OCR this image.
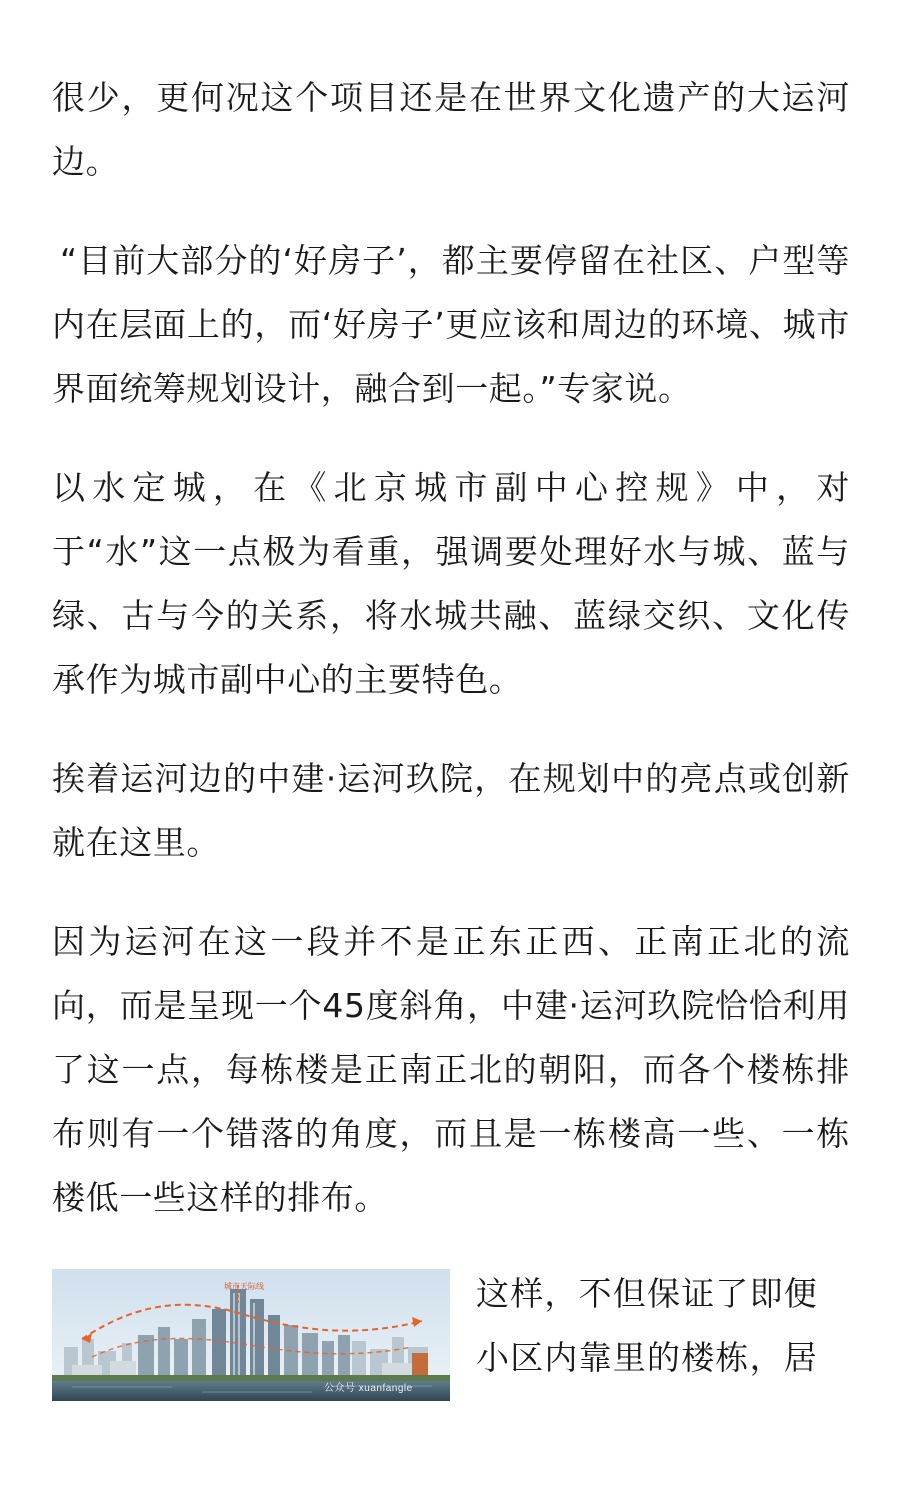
很少，更何况这个项目还是在世界文化遗产的大运河边。

“目前大部分的‘好房子’，都主要停留在社区、户型等内在层面上的，而‘好房子’更应该和周边的环境、城市界面统筹规划设计，融合到一起。”专家说。

以水定城，在《北京城市副中心控规》中，对于“水”这一点极为看重，强调要处理好水与城、蓝与绿、古与今的关系，将水城共融、蓝绿交织、文化传承作为城市副中心的主要特色。

挨着运河边的中建·运河玖院，在规划中的亮点或创新就在这里。

因为运河在这一段并不是正东正西、正南正北的流向，而是呈现一个45度斜角，中建·运河玖院恰恰利用了这一点，每栋楼是正南正北的朝阳，而各个楼栋排布则有一个错落的角度，而且是一栋楼高一些、一栋楼低一些这样的排布。

城市天际线
公众号 xuanfangle
这样，不但保证了即便
小区内靠里的楼栋，居
